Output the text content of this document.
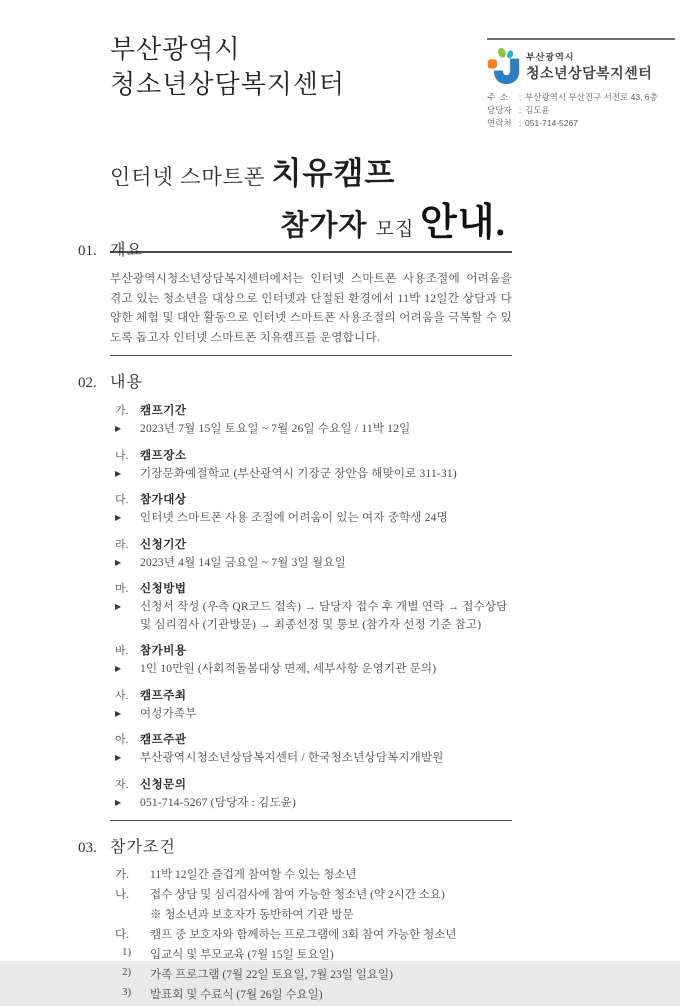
부산광역시
청소년상담복지센터
부산광역시
청소년상담복지센터
주  소	: 부산광역시 부산진구 서전로 43, 6층
담당자 : 김도윤
연락처 : 051-714-5267
인터넷 스마트폰 치유캠프
참가자 모집 안내.
01. 개요
부산광역시청소년상담복지센터에서는 인터넷 스마트폰 사용조절에 어려움을 겪고 있는 청소년을 대상으로 인터넷과 단절된 환경에서 11박 12일간 상담과 다양한 체험 및 대안 활동으로 인터넷 스마트폰 사용조절의 어려움을 극복할 수 있도록 돕고자 인터넷 스마트폰 치유캠프를 운영합니다.
02. 내용
가.	캠프기간
▶	2023년 7월 15일 토요일 ~ 7월 26일 수요일 / 11박 12일
나.	캠프장소
▶	기장문화예절학교 (부산광역시 기장군 장안읍 해맞이로 311-31)
다.	참가대상
▶	인터넷 스마트폰 사용 조절에 어려움이 있는 여자 중학생 24명
라.	신청기간
▶	2023년 4월 14일 금요일 ~ 7월 3일 월요일
마.	신청방법
▶	신청서 작성 (우측 QR코드 접속) → 담당자 접수 후 개별 연락 → 접수상담 및 심리검사 (기관방문) → 최종선정 및 통보 (참가자 선정 기준 참고)
바.	참가비용
▶	1인 10만원 (사회적돌봄대상 면제, 세부사항 운영기관 문의)
사.	캠프주최
▶	여성가족부
아.	캠프주관
▶	부산광역시청소년상담복지센터 / 한국청소년상담복지개발원
자.	신청문의
▶	051-714-5267 (담당자 : 김도윤)
03. 참가조건
가.	11박 12일간 즐겁게 참여할 수 있는 청소년
나.	접수 상담 및 심리검사에 참여 가능한 청소년 (약 2시간 소요)
※ 청소년과 보호자가 동반하여 기관 방문
다.	캠프 중 보호자와 함께하는 프로그램에 3회 참여 가능한 청소년
1)	입교식 및 부모교육 (7월 15일 토요일)
2)	가족 프로그램 (7월 22일 토요일, 7월 23일 일요일)
3)	발표회 및 수료식 (7월 26일 수요일)
